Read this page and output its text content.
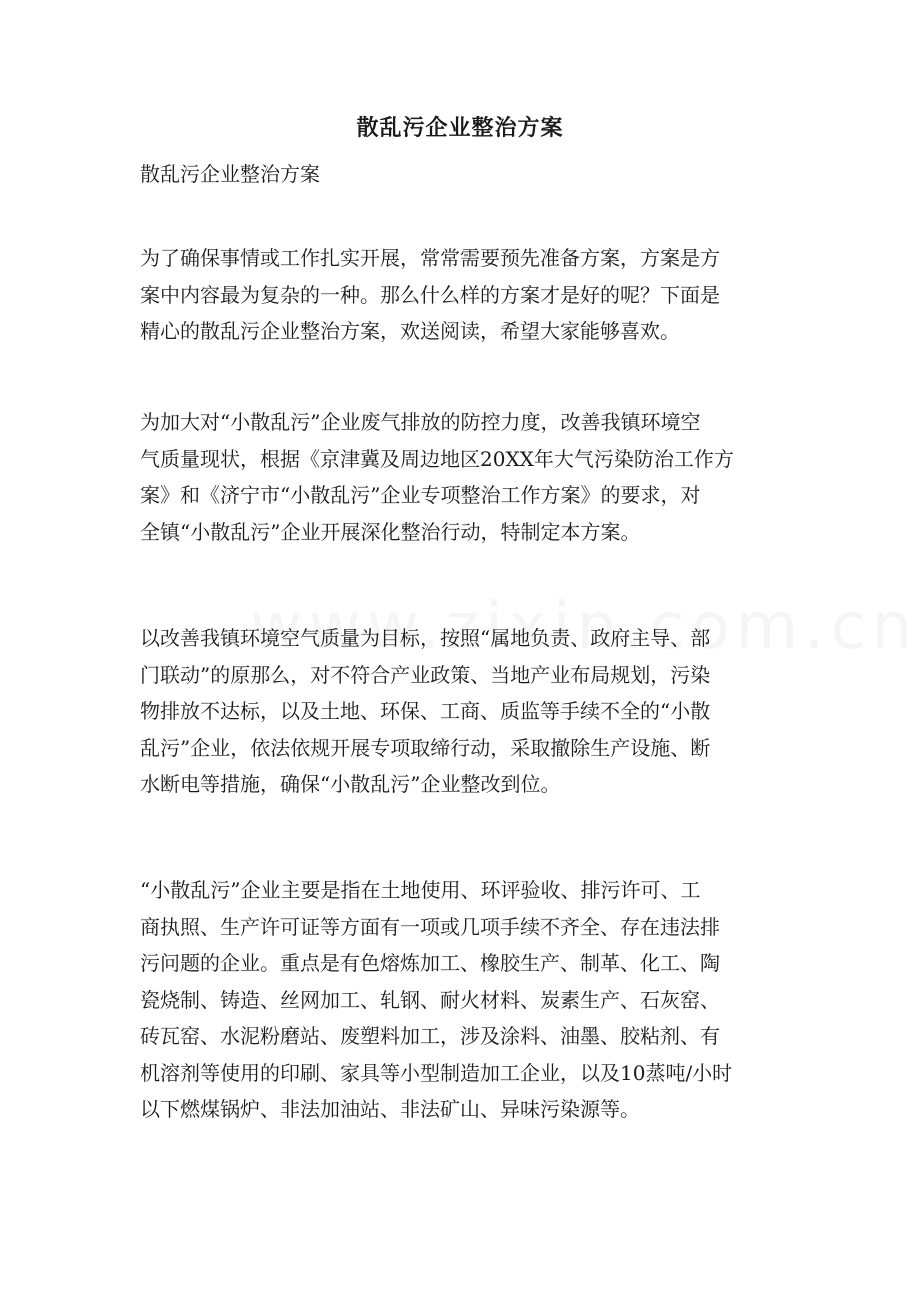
散乱污企业整治方案
散乱污企业整治方案
为了确保事情或工作扎实开展，常常需要预先准备方案，方案是方
案中内容最为复杂的一种。那么什么样的方案才是好的呢？下面是
精心的散乱污企业整治方案，欢送阅读，希望大家能够喜欢。
为加大对“小散乱污”企业废气排放的防控力度，改善我镇环境空
气质量现状，根据《京津冀及周边地区20XX年大气污染防治工作方
案》和《济宁市“小散乱污”企业专项整治工作方案》的要求，对
全镇“小散乱污”企业开展深化整治行动，特制定本方案。
以改善我镇环境空气质量为目标，按照“属地负责、政府主导、部
门联动”的原那么，对不符合产业政策、当地产业布局规划，污染
物排放不达标，以及土地、环保、工商、质监等手续不全的“小散
乱污”企业，依法依规开展专项取缔行动，采取撤除生产设施、断
水断电等措施，确保“小散乱污”企业整改到位。
“小散乱污”企业主要是指在土地使用、环评验收、排污许可、工
商执照、生产许可证等方面有一项或几项手续不齐全、存在违法排
污问题的企业。重点是有色熔炼加工、橡胶生产、制革、化工、陶
瓷烧制、铸造、丝网加工、轧钢、耐火材料、炭素生产、石灰窑、
砖瓦窑、水泥粉磨站、废塑料加工，涉及涂料、油墨、胶粘剂、有
机溶剂等使用的印刷、家具等小型制造加工企业，以及10蒸吨/小时
以下燃煤锅炉、非法加油站、非法矿山、异味污染源等。
